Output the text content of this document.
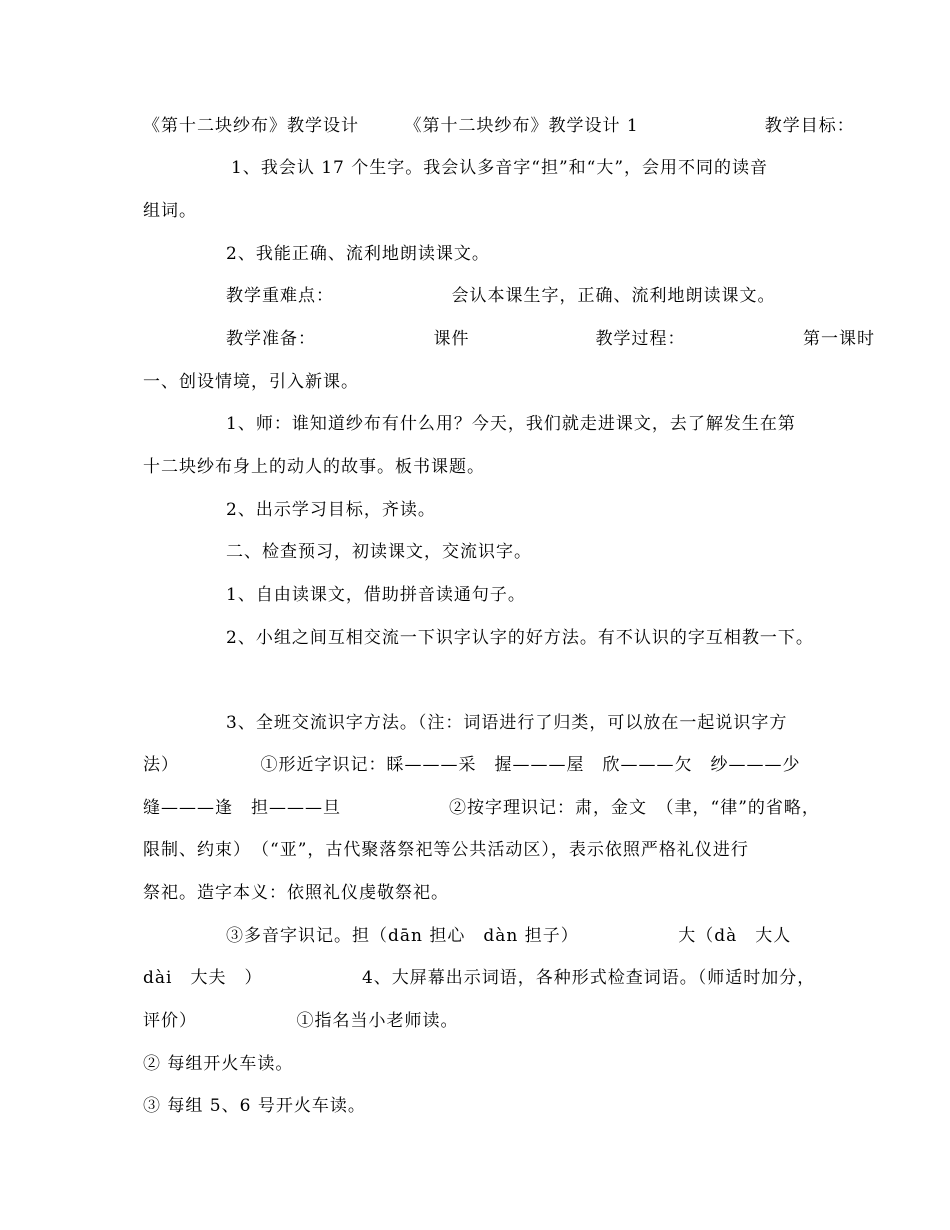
《第十二块纱布》教学设计　　　《第十二块纱布》教学设计 1　　　　　　　教学目标：
1、我会认 17 个生字。我会认多音字“担”和“大”，会用不同的读音
组词。
2、我能正确、流利地朗读课文。
教学重难点：　　　　　　　会认本课生字，正确、流利地朗读课文。
教学准备：　　　　　　　课件　　　　　　　教学过程：　　　　　　　第一课时
一、创设情境，引入新课。
1、师：谁知道纱布有什么用？今天，我们就走进课文，去了解发生在第
十二块纱布身上的动人的故事。板书课题。
2、出示学习目标，齐读。
二、检查预习，初读课文，交流识字。
1、自由读课文，借助拼音读通句子。
2、小组之间互相交流一下识字认字的好方法。有不认识的字互相教一下。
3、全班交流识字方法。（注：词语进行了归类，可以放在一起说识字方
法）　　　　　①形近字识记：睬———采　握———屋　欣———欠　纱———少
缝———逢　担———旦　　　　　　②按字理识记：肃，金文　（聿，“律”的省略，
限制、约束）　（“亚”，古代聚落祭祀等公共活动区），表示依照严格礼仪进行
祭祀。造字本义：依照礼仪虔敬祭祀。
③多音字识记。担（dān 担心　dàn 担子）　　　　　　大（dà　大人
dài　大夫　）　　　　　　4、大屏幕出示词语，各种形式检查词语。（师适时加分，
评价）　　　　　　①指名当小老师读。
② 每组开火车读。
③ 每组 5、6 号开火车读。
